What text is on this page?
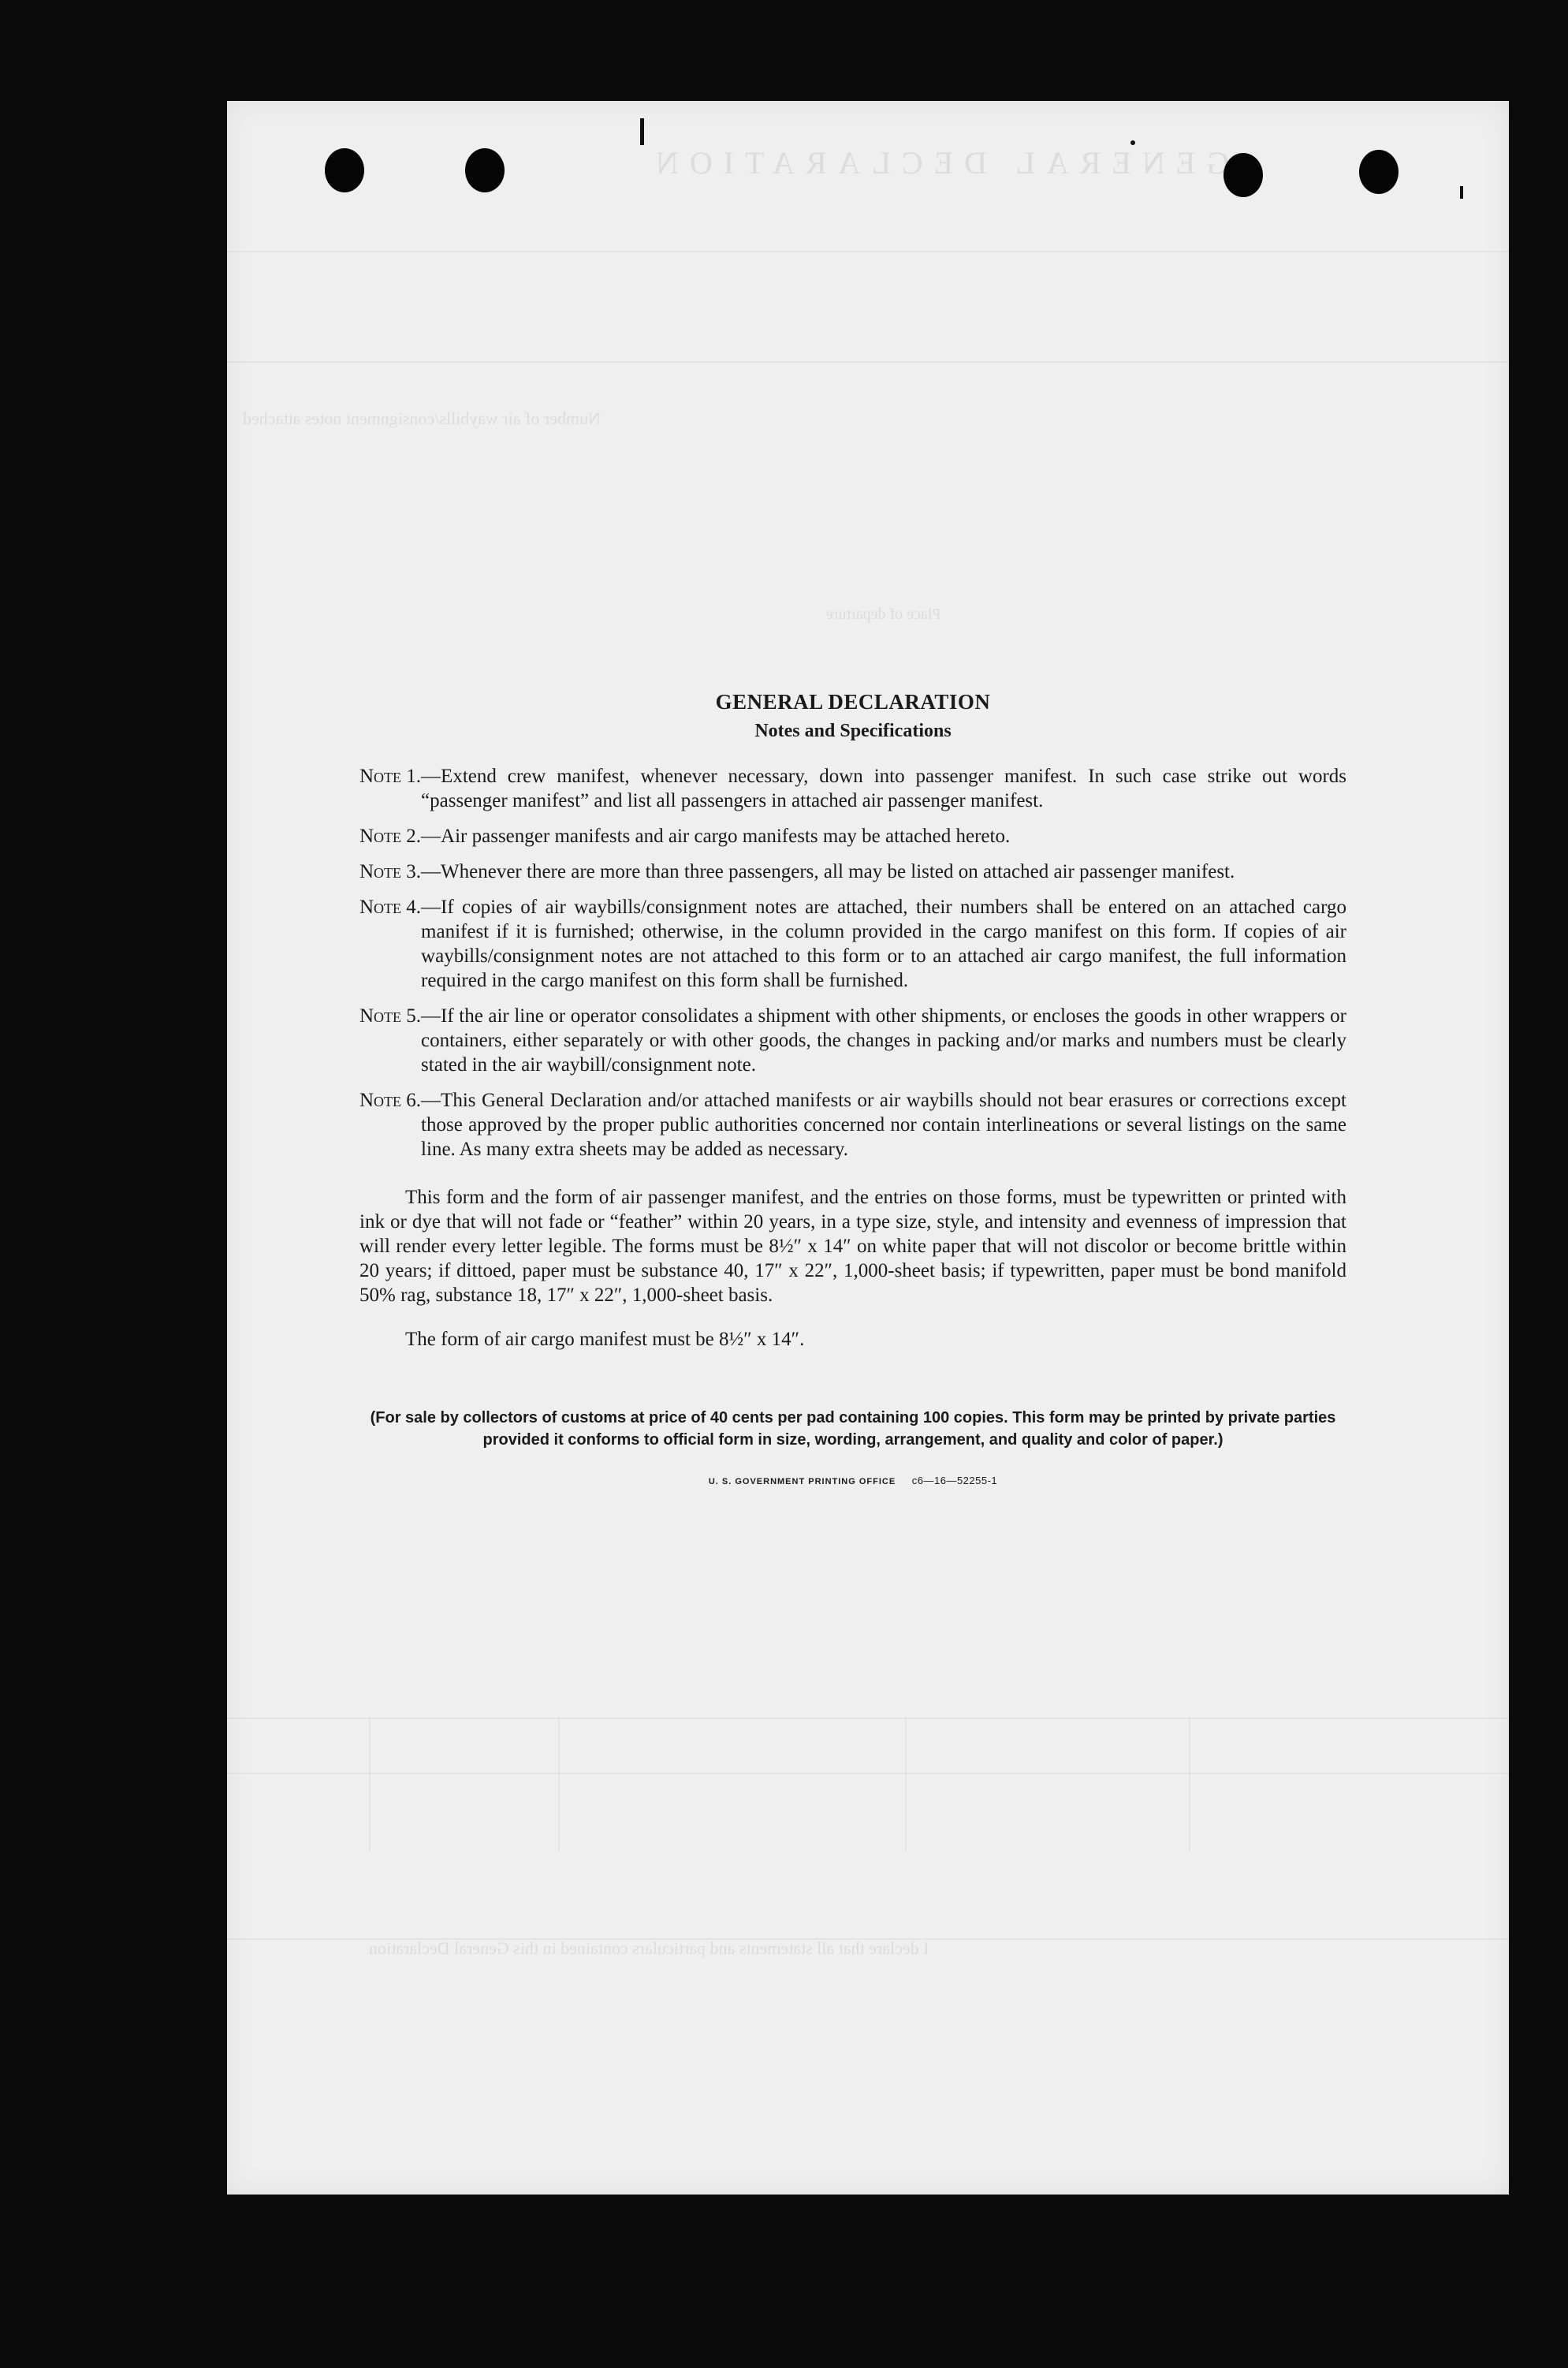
GENERAL DECLARATION
Number of air waybills/consignment notes attached
Place of departure
I declare that all statements and particulars contained in this General Declaration
GENERAL DECLARATION
Notes and Specifications
Note 1. —Extend crew manifest, whenever necessary, down into passenger manifest. In such case strike out words “passenger manifest” and list all passengers in attached air passenger manifest.
Note 2. —Air passenger manifests and air cargo manifests may be attached hereto.
Note 3. —Whenever there are more than three passengers, all may be listed on attached air passenger manifest.
Note 4. —If copies of air waybills/consignment notes are attached, their numbers shall be entered on an attached cargo manifest if it is furnished; otherwise, in the column provided in the cargo manifest on this form. If copies of air waybills/consignment notes are not attached to this form or to an attached air cargo manifest, the full information required in the cargo manifest on this form shall be furnished.
Note 5. —If the air line or operator consolidates a shipment with other shipments, or encloses the goods in other wrappers or containers, either separately or with other goods, the changes in packing and/or marks and numbers must be clearly stated in the air waybill/consignment note.
Note 6. —This General Declaration and/or attached manifests or air waybills should not bear erasures or corrections except those approved by the proper public authorities concerned nor contain interlineations or several listings on the same line. As many extra sheets may be added as necessary.

This form and the form of air passenger manifest, and the entries on those forms, must be typewritten or printed with ink or dye that will not fade or “feather” within 20 years, in a type size, style, and intensity and evenness of impression that will render every letter legible. The forms must be 8½″ x 14″ on white paper that will not discolor or become brittle within 20 years; if dittoed, paper must be substance 40, 17″ x 22″, 1,000-sheet basis; if typewritten, paper must be bond manifold 50% rag, substance 18, 17″ x 22″, 1,000-sheet basis.

The form of air cargo manifest must be 8½″ x 14″.

(For sale by collectors of customs at price of 40 cents per pad containing 100 copies. This form may be printed by private parties provided it conforms to official form in size, wording, arrangement, and quality and color of paper.)
U. S. GOVERNMENT PRINTING OFFICE c6—16—52255-1
